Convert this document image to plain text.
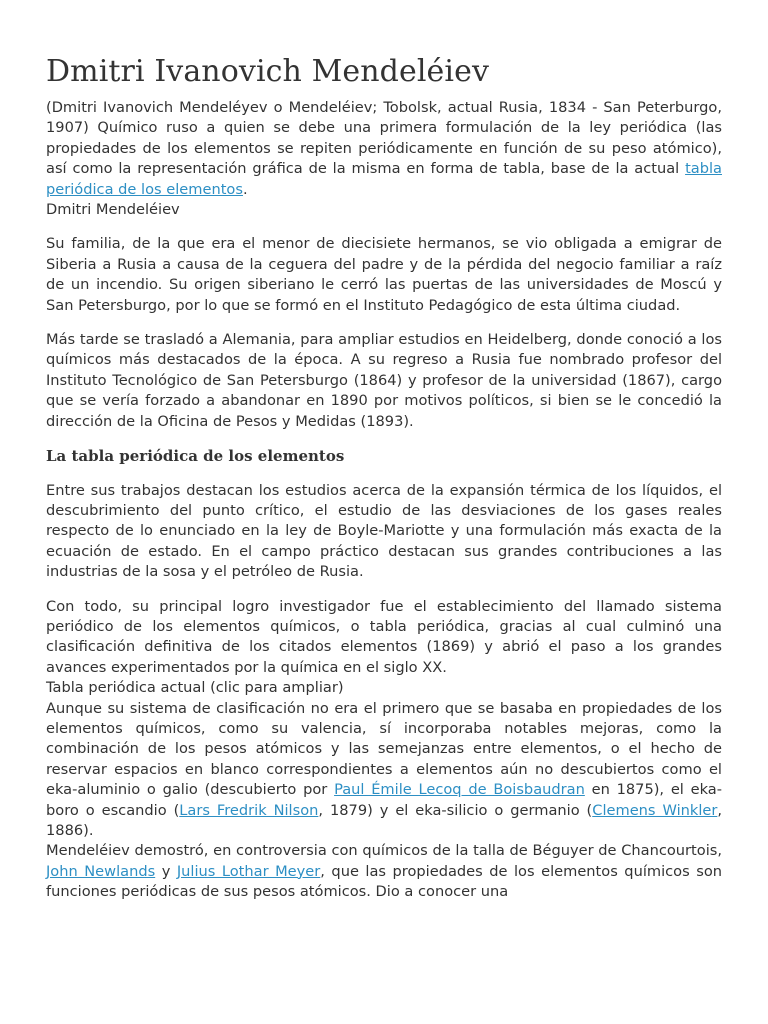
Dmitri Ivanovich Mendeléiev

(Dmitri Ivanovich Mendeléyev o Mendeléiev; Tobolsk, actual Rusia, 1834 - San Peterburgo, 1907) Químico ruso a quien se debe una primera formulación de la ley periódica (las propiedades de los elementos se repiten periódicamente en función de su peso atómico), así como la representación gráfica de la misma en forma de tabla, base de la actual tabla periódica de los elementos.

Dmitri Mendeléiev

Su familia, de la que era el menor de diecisiete hermanos, se vio obligada a emigrar de Siberia a Rusia a causa de la ceguera del padre y de la pérdida del negocio familiar a raíz de un incendio. Su origen siberiano le cerró las puertas de las universidades de Moscú y San Petersburgo, por lo que se formó en el Instituto Pedagógico de esta última ciudad.

Más tarde se trasladó a Alemania, para ampliar estudios en Heidelberg, donde conoció a los químicos más destacados de la época. A su regreso a Rusia fue nombrado profesor del Instituto Tecnológico de San Petersburgo (1864) y profesor de la universidad (1867), cargo que se vería forzado a abandonar en 1890 por motivos políticos, si bien se le concedió la dirección de la Oficina de Pesos y Medidas (1893).

La tabla periódica de los elementos

Entre sus trabajos destacan los estudios acerca de la expansión térmica de los líquidos, el descubrimiento del punto crítico, el estudio de las desviaciones de los gases reales respecto de lo enunciado en la ley de Boyle-Mariotte y una formulación más exacta de la ecuación de estado. En el campo práctico destacan sus grandes contribuciones a las industrias de la sosa y el petróleo de Rusia.

Con todo, su principal logro investigador fue el establecimiento del llamado sistema periódico de los elementos químicos, o tabla periódica, gracias al cual culminó una clasificación definitiva de los citados elementos (1869) y abrió el paso a los grandes avances experimentados por la química en el siglo XX.

Tabla periódica actual (clic para ampliar)

Aunque su sistema de clasificación no era el primero que se basaba en propiedades de los elementos químicos, como su valencia, sí incorporaba notables mejoras, como la combinación de los pesos atómicos y las semejanzas entre elementos, o el hecho de reservar espacios en blanco correspondientes a elementos aún no descubiertos como el eka-aluminio o galio (descubierto por Paul Émile Lecoq de Boisbaudran en 1875), el eka-boro o escandio (Lars Fredrik Nilson, 1879) y el eka-silicio o germanio (Clemens Winkler, 1886).

Mendeléiev demostró, en controversia con químicos de la talla de Béguyer de Chancourtois, John Newlands y Julius Lothar Meyer, que las propiedades de los elementos químicos son funciones periódicas de sus pesos atómicos. Dio a conocer una
